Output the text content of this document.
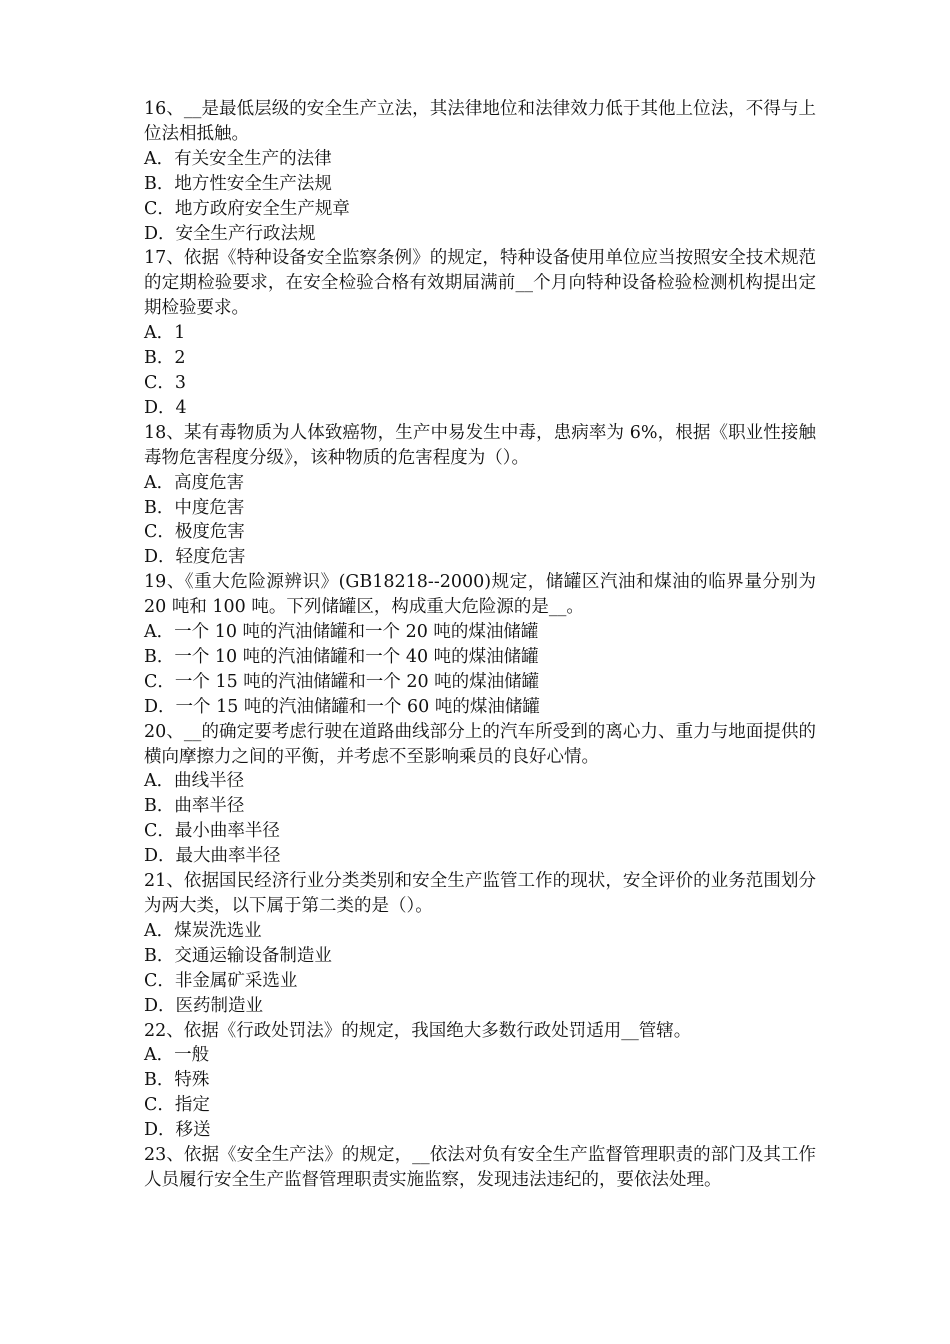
16、__是最低层级的安全生产立法，其法律地位和法律效力低于其他上位法，不得与上位法相抵触。

A．有关安全生产的法律
B．地方性安全生产法规
C．地方政府安全生产规章
D．安全生产行政法规

17、依据《特种设备安全监察条例》的规定，特种设备使用单位应当按照安全技术规范的定期检验要求，在安全检验合格有效期届满前__个月向特种设备检验检测机构提出定期检验要求。

A．1
B．2
C．3
D．4

18、某有毒物质为人体致癌物，生产中易发生中毒，患病率为 6%，根据《职业性接触毒物危害程度分级》，该种物质的危害程度为（）。

A．高度危害
B．中度危害
C．极度危害
D．轻度危害

19、《重大危险源辨识》(GB18218--2000)规定，储罐区汽油和煤油的临界量分别为 20 吨和 100 吨。下列储罐区，构成重大危险源的是__。

A．一个 10 吨的汽油储罐和一个 20 吨的煤油储罐
B．一个 10 吨的汽油储罐和一个 40 吨的煤油储罐
C．一个 15 吨的汽油储罐和一个 20 吨的煤油储罐
D．一个 15 吨的汽油储罐和一个 60 吨的煤油储罐

20、__的确定要考虑行驶在道路曲线部分上的汽车所受到的离心力、重力与地面提供的横向摩擦力之间的平衡，并考虑不至影响乘员的良好心情。

A．曲线半径
B．曲率半径
C．最小曲率半径
D．最大曲率半径

21、依据国民经济行业分类类别和安全生产监管工作的现状，安全评价的业务范围划分为两大类，以下属于第二类的是（）。

A．煤炭洗选业
B．交通运输设备制造业
C．非金属矿采选业
D．医药制造业

22、依据《行政处罚法》的规定，我国绝大多数行政处罚适用__管辖。

A．一般
B．特殊
C．指定
D．移送

23、依据《安全生产法》的规定，__依法对负有安全生产监督管理职责的部门及其工作人员履行安全生产监督管理职责实施监察，发现违法违纪的，要依法处理。
